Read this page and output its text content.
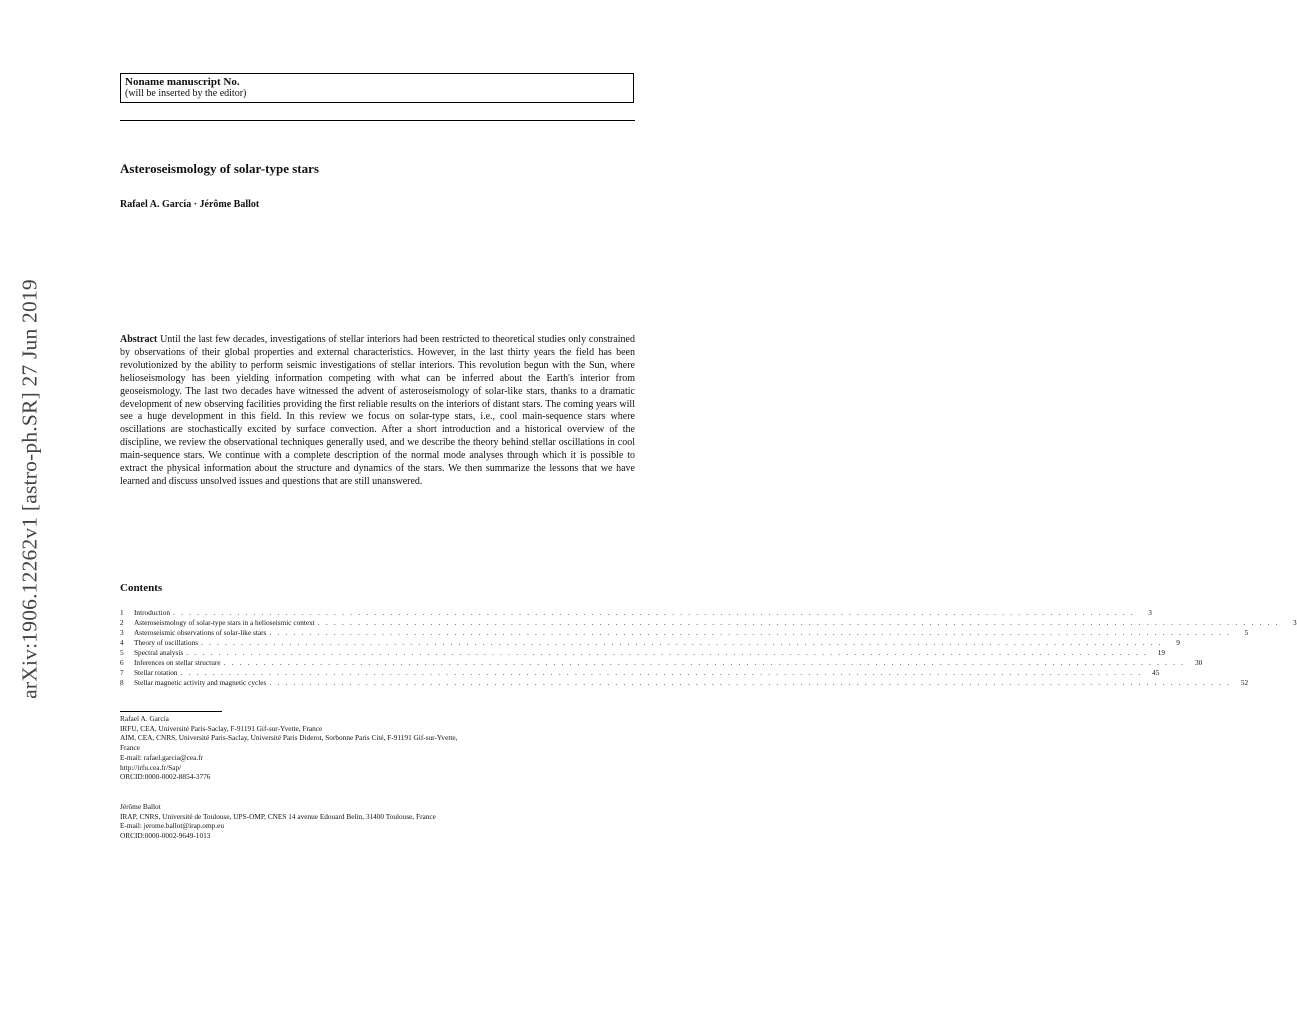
arXiv:1906.12262v1 [astro-ph.SR] 27 Jun 2019
Noname manuscript No.
(will be inserted by the editor)
Asteroseismology of solar-type stars
Rafael A. García · Jérôme Ballot

Abstract Until the last few decades, investigations of stellar interiors had been restricted to theoretical studies only constrained by observations of their global properties and external characteristics. However, in the last thirty years the field has been revolutionized by the ability to perform seismic investigations of stellar interiors. This revolution begun with the Sun, where helioseismology has been yielding information competing with what can be inferred about the Earth's interior from geoseismology. The last two decades have witnessed the advent of asteroseismology of solar-like stars, thanks to a dramatic development of new observing facilities providing the first reliable results on the interiors of distant stars. The coming years will see a huge development in this field. In this review we focus on solar-type stars, i.e., cool main-sequence stars where oscillations are stochastically excited by surface convection. After a short introduction and a historical overview of the discipline, we review the observational techniques generally used, and we describe the theory behind stellar oscillations in cool main-sequence stars. We continue with a complete description of the normal mode analyses through which it is possible to extract the physical information about the structure and dynamics of the stars. We then summarize the lessons that we have learned and discuss unsolved issues and questions that are still unanswered.

Contents
1	Introduction . . . . . . . . . . . . . . . . . . . . . . . . . . . . . . . . . . . . . . . . . . . . . . . . . . . . . . . . . . . . . . . . . . . . . . . . . . . . . . . . . . . . . . . . . . . . . . . . . . . . . . . . . . . . . . . . . . . . . . . .	3
2	Asteroseismology of solar-type stars in a helioseismic context . . . . . . . . . . . . . . . . . . . . . . . . . . . . . . . . . . . . . . . . . . . . . . . . . . . . . . . . . . . . . . . . . . . . . . . . . . . . . . . . . . . . . . . . . . . . . . . . . . . . . . . . . . . . . . . . . . . . . . . .	3
3	Asteroseismic observations of solar-like stars . . . . . . . . . . . . . . . . . . . . . . . . . . . . . . . . . . . . . . . . . . . . . . . . . . . . . . . . . . . . . . . . . . . . . . . . . . . . . . . . . . . . . . . . . . . . . . . . . . . . . . . . . . . . . . . . . . . . . . . .	5
4	Theory of oscillations . . . . . . . . . . . . . . . . . . . . . . . . . . . . . . . . . . . . . . . . . . . . . . . . . . . . . . . . . . . . . . . . . . . . . . . . . . . . . . . . . . . . . . . . . . . . . . . . . . . . . . . . . . . . . . . . . . . . . . . .	9
5	Spectral analysis . . . . . . . . . . . . . . . . . . . . . . . . . . . . . . . . . . . . . . . . . . . . . . . . . . . . . . . . . . . . . . . . . . . . . . . . . . . . . . . . . . . . . . . . . . . . . . . . . . . . . . . . . . . . . . . . . . . . . . . .	19
6	Inferences on stellar structure . . . . . . . . . . . . . . . . . . . . . . . . . . . . . . . . . . . . . . . . . . . . . . . . . . . . . . . . . . . . . . . . . . . . . . . . . . . . . . . . . . . . . . . . . . . . . . . . . . . . . . . . . . . . . . . . . . . . . . . .	30
7	Stellar rotation . . . . . . . . . . . . . . . . . . . . . . . . . . . . . . . . . . . . . . . . . . . . . . . . . . . . . . . . . . . . . . . . . . . . . . . . . . . . . . . . . . . . . . . . . . . . . . . . . . . . . . . . . . . . . . . . . . . . . . . .	45
8	Stellar magnetic activity and magnetic cycles . . . . . . . . . . . . . . . . . . . . . . . . . . . . . . . . . . . . . . . . . . . . . . . . . . . . . . . . . . . . . . . . . . . . . . . . . . . . . . . . . . . . . . . . . . . . . . . . . . . . . . . . . . . . . . . . . . . . . . . .	52
Rafael A. García
IRFU, CEA, Université Paris-Saclay, F-91191 Gif-sur-Yvette, France
AIM, CEA, CNRS, Université Paris-Saclay, Université Paris Diderot, Sorbonne Paris Cité, F-91191 Gif-sur-Yvette,
France
E-mail: rafael.garcia@cea.fr
http://irfu.cea.fr/Sap/
ORCID:0000-0002-8854-3776
Jérôme Ballot
IRAP, CNRS, Université de Toulouse, UPS-OMP, CNES 14 avenue Edouard Belin, 31400 Toulouse, France
E-mail: jerome.ballot@irap.omp.eu
ORCID:0000-0002-9649-1013
